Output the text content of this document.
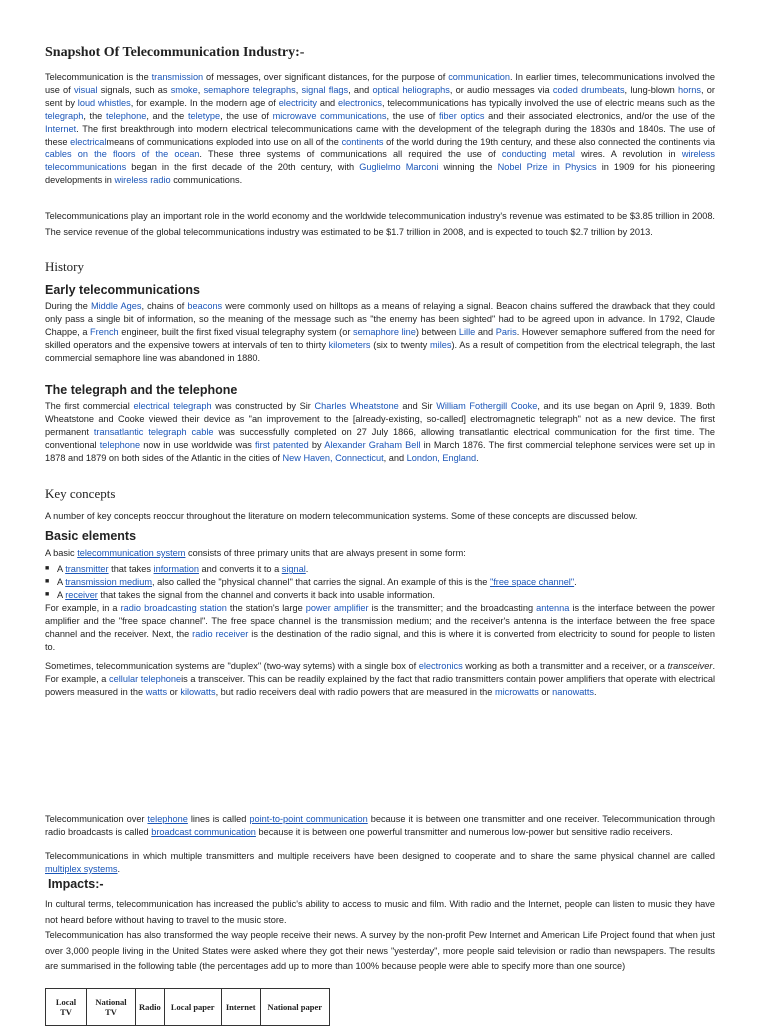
Snapshot Of Telecommunication Industry:-

Telecommunication is the transmission of messages, over significant distances, for the purpose of communication. In earlier times, telecommunications involved the use of visual signals, such as smoke, semaphore telegraphs, signal flags, and optical heliographs, or audio messages via coded drumbeats, lung-blown horns, or sent by loud whistles, for example. In the modern age of electricity and electronics, telecommunications has typically involved the use of electric means such as the telegraph, the telephone, and the teletype, the use of microwave communications, the use of fiber optics and their associated electronics, and/or the use of the Internet. The first breakthrough into modern electrical telecommunications came with the development of the telegraph during the 1830s and 1840s. The use of these electricalmeans of communications exploded into use on all of the continents of the world during the 19th century, and these also connected the continents via cables on the floors of the ocean. These three systems of communications all required the use of conducting metal wires. A revolution in wireless telecommunications began in the first decade of the 20th century, with Guglielmo Marconi winning the Nobel Prize in Physics in 1909 for his pioneering developments in wireless radio communications.

Telecommunications play an important role in the world economy and the worldwide telecommunication industry's revenue was estimated to be $3.85 trillion in 2008. The service revenue of the global telecommunications industry was estimated to be $1.7 trillion in 2008, and is expected to touch $2.7 trillion by 2013.

History
Early telecommunications

During the Middle Ages, chains of beacons were commonly used on hilltops as a means of relaying a signal. Beacon chains suffered the drawback that they could only pass a single bit of information, so the meaning of the message such as "the enemy has been sighted" had to be agreed upon in advance. In 1792, Claude Chappe, a French engineer, built the first fixed visual telegraphy system (or semaphore line) between Lille and Paris. However semaphore suffered from the need for skilled operators and the expensive towers at intervals of ten to thirty kilometers (six to twenty miles). As a result of competition from the electrical telegraph, the last commercial semaphore line was abandoned in 1880.

The telegraph and the telephone

The first commercial electrical telegraph was constructed by Sir Charles Wheatstone and Sir William Fothergill Cooke, and its use began on April 9, 1839. Both Wheatstone and Cooke viewed their device as "an improvement to the [already-existing, so-called] electromagnetic telegraph" not as a new device. The first permanent transatlantic telegraph cable was successfully completed on 27 July 1866, allowing transatlantic electrical communication for the first time. The conventional telephone now in use worldwide was first patented by Alexander Graham Bell in March 1876. The first commercial telephone services were set up in 1878 and 1879 on both sides of the Atlantic in the cities of New Haven, Connecticut, and London, England.

Key concepts

A number of key concepts reoccur throughout the literature on modern telecommunication systems. Some of these concepts are discussed below.

Basic elements

A basic telecommunication system consists of three primary units that are always present in some form:

■ A transmitter that takes information and converts it to a signal.
■ A transmission medium, also called the "physical channel" that carries the signal. An example of this is the "free space channel".
■ A receiver that takes the signal from the channel and converts it back into usable information.

For example, in a radio broadcasting station the station's large power amplifier is the transmitter; and the broadcasting antenna is the interface between the power amplifier and the "free space channel". The free space channel is the transmission medium; and the receiver's antenna is the interface between the free space channel and the receiver. Next, the radio receiver is the destination of the radio signal, and this is where it is converted from electricity to sound for people to listen to.

Sometimes, telecommunication systems are "duplex" (two-way sytems) with a single box of electronics working as both a transmitter and a receiver, or a transceiver. For example, a cellular telephoneis a transceiver. This can be readily explained by the fact that radio transmitters contain power amplifiers that operate with electrical powers measured in the watts or kilowatts, but radio receivers deal with radio powers that are measured in the microwatts or nanowatts.

Telecommunication over telephone lines is called point-to-point communication because it is between one transmitter and one receiver. Telecommunication through radio broadcasts is called broadcast communication because it is between one powerful transmitter and numerous low-power but sensitive radio receivers.

Telecommunications in which multiple transmitters and multiple receivers have been designed to cooperate and to share the same physical channel are called multiplex systems.

Impacts:-

In cultural terms, telecommunication has increased the public's ability to access to music and film. With radio and the Internet, people can listen to music they have not heard before without having to travel to the music store.

Telecommunication has also transformed the way people receive their news. A survey by the non-profit Pew Internet and American Life Project found that when just over 3,000 people living in the United States were asked where they got their news "yesterday", more people said television or radio than newspapers. The results are summarised in the following table (the percentages add up to more than 100% because people were able to specify more than one source)

Local TV	National TV	Radio	Local paper	Internet	National paper
